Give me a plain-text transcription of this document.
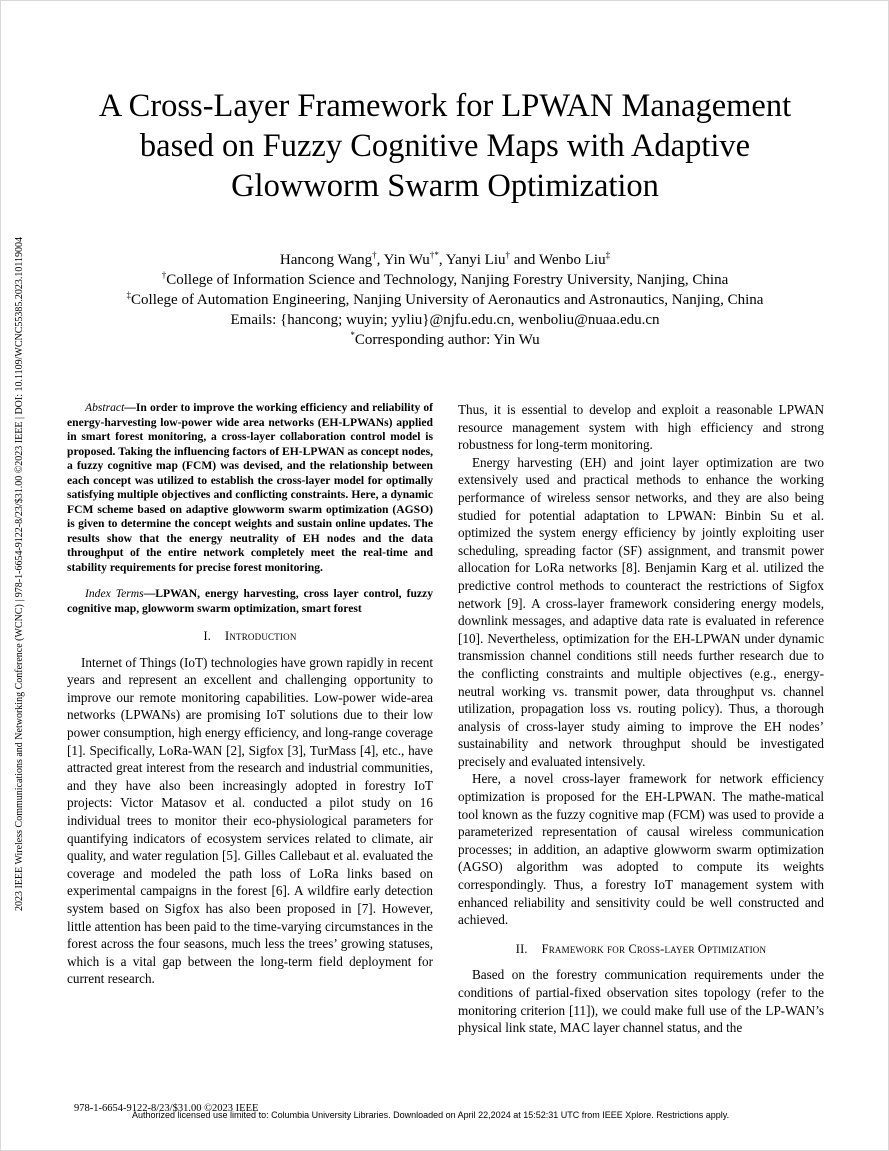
2023 IEEE Wireless Communications and Networking Conference (WCNC) | 978-1-6654-9122-8/23/$31.00 ©2023 IEEE | DOI: 10.1109/WCNC55385.2023.10119004
A Cross-Layer Framework for LPWAN Management
based on Fuzzy Cognitive Maps with Adaptive
Glowworm Swarm Optimization
Hancong Wang†, Yin Wu†*, Yanyi Liu† and Wenbo Liu‡
†College of Information Science and Technology, Nanjing Forestry University, Nanjing, China
‡College of Automation Engineering, Nanjing University of Aeronautics and Astronautics, Nanjing, China
Emails: {hancong; wuyin; yyliu}@njfu.edu.cn, wenboliu@nuaa.edu.cn
*Corresponding author: Yin Wu

Abstract—In order to improve the working efficiency and reliability of energy-harvesting low-power wide area networks (EH-LPWANs) applied in smart forest monitoring, a cross-layer collaboration control model is proposed. Taking the influencing factors of EH-LPWAN as concept nodes, a fuzzy cognitive map (FCM) was devised, and the relationship between each concept was utilized to establish the cross-layer model for optimally satisfying multiple objectives and conflicting constraints. Here, a dynamic FCM scheme based on adaptive glowworm swarm optimization (AGSO) is given to determine the concept weights and sustain online updates. The results show that the energy neutrality of EH nodes and the data throughput of the entire network completely meet the real-time and stability requirements for precise forest monitoring.

Index Terms—LPWAN, energy harvesting, cross layer control, fuzzy cognitive map, glowworm swarm optimization, smart forest

I. Introduction

Internet of Things (IoT) technologies have grown rapidly in recent years and represent an excellent and challenging opportunity to improve our remote monitoring capabilities. Low-power wide-area networks (LPWANs) are promising IoT solutions due to their low power consumption, high energy efficiency, and long-range coverage [1]. Specifically, LoRa-WAN [2], Sigfox [3], TurMass [4], etc., have attracted great interest from the research and industrial communities, and they have also been increasingly adopted in forestry IoT projects: Victor Matasov et al. conducted a pilot study on 16 individual trees to monitor their eco-physiological parameters for quantifying indicators of ecosystem services related to climate, air quality, and water regulation [5]. Gilles Callebaut et al. evaluated the coverage and modeled the path loss of LoRa links based on experimental campaigns in the forest [6]. A wildfire early detection system based on Sigfox has also been proposed in [7]. However, little attention has been paid to the time-varying circumstances in the forest across the four seasons, much less the trees’ growing statuses, which is a vital gap between the long-term field deployment for current research.

Thus, it is essential to develop and exploit a reasonable LPWAN resource management system with high efficiency and strong robustness for long-term monitoring.

Energy harvesting (EH) and joint layer optimization are two extensively used and practical methods to enhance the working performance of wireless sensor networks, and they are also being studied for potential adaptation to LPWAN: Binbin Su et al. optimized the system energy efficiency by jointly exploiting user scheduling, spreading factor (SF) assignment, and transmit power allocation for LoRa networks [8]. Benjamin Karg et al. utilized the predictive control methods to counteract the restrictions of Sigfox network [9]. A cross-layer framework considering energy models, downlink messages, and adaptive data rate is evaluated in reference [10]. Nevertheless, optimization for the EH-LPWAN under dynamic transmission channel conditions still needs further research due to the conflicting constraints and multiple objectives (e.g., energy-neutral working vs. transmit power, data throughput vs. channel utilization, propagation loss vs. routing policy). Thus, a thorough analysis of cross-layer study aiming to improve the EH nodes’ sustainability and network throughput should be investigated precisely and evaluated intensively.

Here, a novel cross-layer framework for network efficiency optimization is proposed for the EH-LPWAN. The mathe-matical tool known as the fuzzy cognitive map (FCM) was used to provide a parameterized representation of causal wireless communication processes; in addition, an adaptive glowworm swarm optimization (AGSO) algorithm was adopted to compute its weights correspondingly. Thus, a forestry IoT management system with enhanced reliability and sensitivity could be well constructed and achieved.

II. Framework for Cross-layer Optimization

Based on the forestry communication requirements under the conditions of partial-fixed observation sites topology (refer to the monitoring criterion [11]), we could make full use of the LP-WAN’s physical link state, MAC layer channel status, and the

978-1-6654-9122-8/23/$31.00 ©2023 IEEE
Authorized licensed use limited to: Columbia University Libraries. Downloaded on April 22,2024 at 15:52:31 UTC from IEEE Xplore. Restrictions apply.
